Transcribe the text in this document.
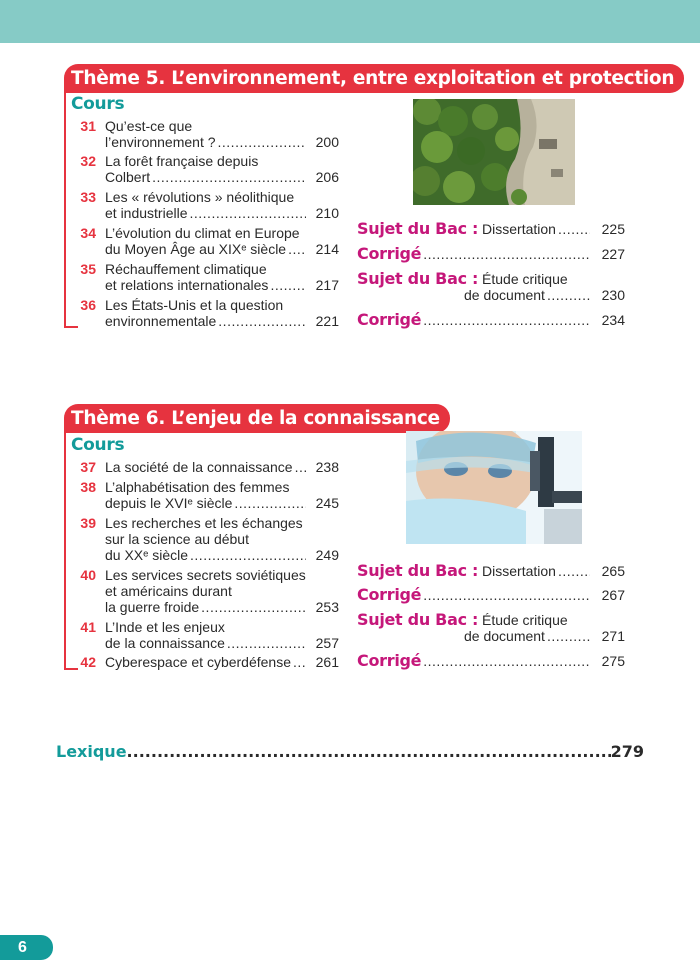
Thème 5. L’environnement, entre exploitation et protection
Cours
31 Qu’est-ce que
l’environnement ? .....	200
32 La forêt française depuis
Colbert .....	206
33 Les « révolutions » néolithique
et industrielle .....	210
34 L’évolution du climat en Europe
du Moyen Âge au XIXᵉ siècle ..... 214
35 Réchauffement climatique
et relations internationales .....	217
36 Les États-Unis et la question
environnementale .....	221
Sujet du Bac :
Dissertation .....	225
Corrigé .....	227
Sujet du Bac :
Étude critique
de document .....	230
Corrigé .....	234
Thème 6. L’enjeu de la connaissance
Cours
37 La société de la connaissance ..... 238
38 L’alphabétisation des femmes
depuis le XVIᵉ siècle .....	245
39 Les recherches et les échanges
sur la science au début
du XXᵉ siècle .....	249
40 Les services secrets soviétiques
et américains durant
la guerre froide .....	253
41 L’Inde et les enjeux
de la connaissance .....	257
42 Cyberespace et cyberdéfense ..... 261
Sujet du Bac :
Dissertation .....	265
Corrigé .....	267
Sujet du Bac :
Étude critique
de document .....	271
Corrigé .....	275
Lexique .....	279
6
